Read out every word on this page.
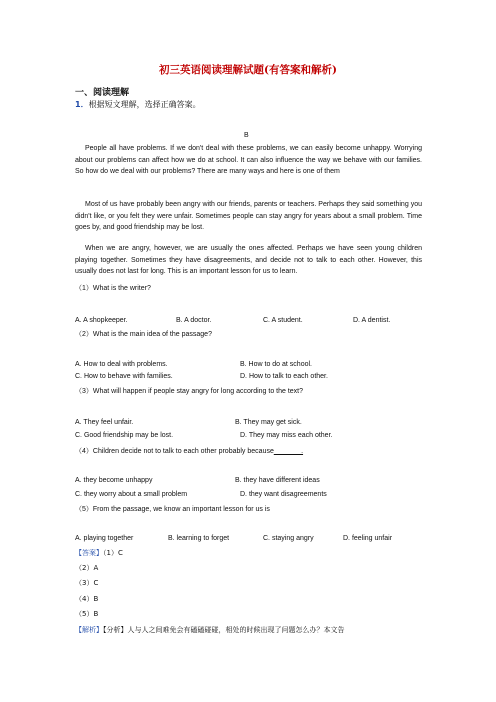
初三英语阅读理解试题(有答案和解析)
一、阅读理解
1．根据短文理解，选择正确答案。
B
People all have problems. If we don't deal with these problems, we can easily become unhappy. Worrying about our problems can affect how we do at school. It can also influence the way we behave with our families. So how do we deal with our problems? There are many ways and here is one of them
Most of us have probably been angry with our friends, parents or teachers. Perhaps they said something you didn't like, or you felt they were unfair. Sometimes people can stay angry for years about a small problem. Time goes by, and good friendship may be lost.
When we are angry, however, we are usually the ones affected. Perhaps we have seen young children playing together. Sometimes they have disagreements, and decide not to talk to each other. However, this usually does not last for long. This is an important lesson for us to learn.
（1）What is the writer?
A. A shopkeeper.	B. A doctor.	C. A student.	D. A dentist.
（2）What is the main idea of the passage?
A. How to deal with problems.	B. How to do at school.
C. How to behave with families.	D. How to talk to each other.
（3）What will happen if people stay angry for long according to the text?
A. They feel unfair.	B. They may get sick.
C. Good friendship may be lost.	D. They may miss each other.
（4）Children decide not to talk to each other probably because_______.
A. they become unhappy	B. they have different ideas
C. they worry about a small problem	D. they want disagreements
（5）From the passage, we know an important lesson for us is
A. playing together	B. learning to forget	C. staying angry	D. feeling unfair
【答案】（1）C
（2）A
（3）C
（4）B
（5）B
【解析】【分析】人与人之间难免会有磕磕碰碰，相处的时候出现了问题怎么办？本文告
